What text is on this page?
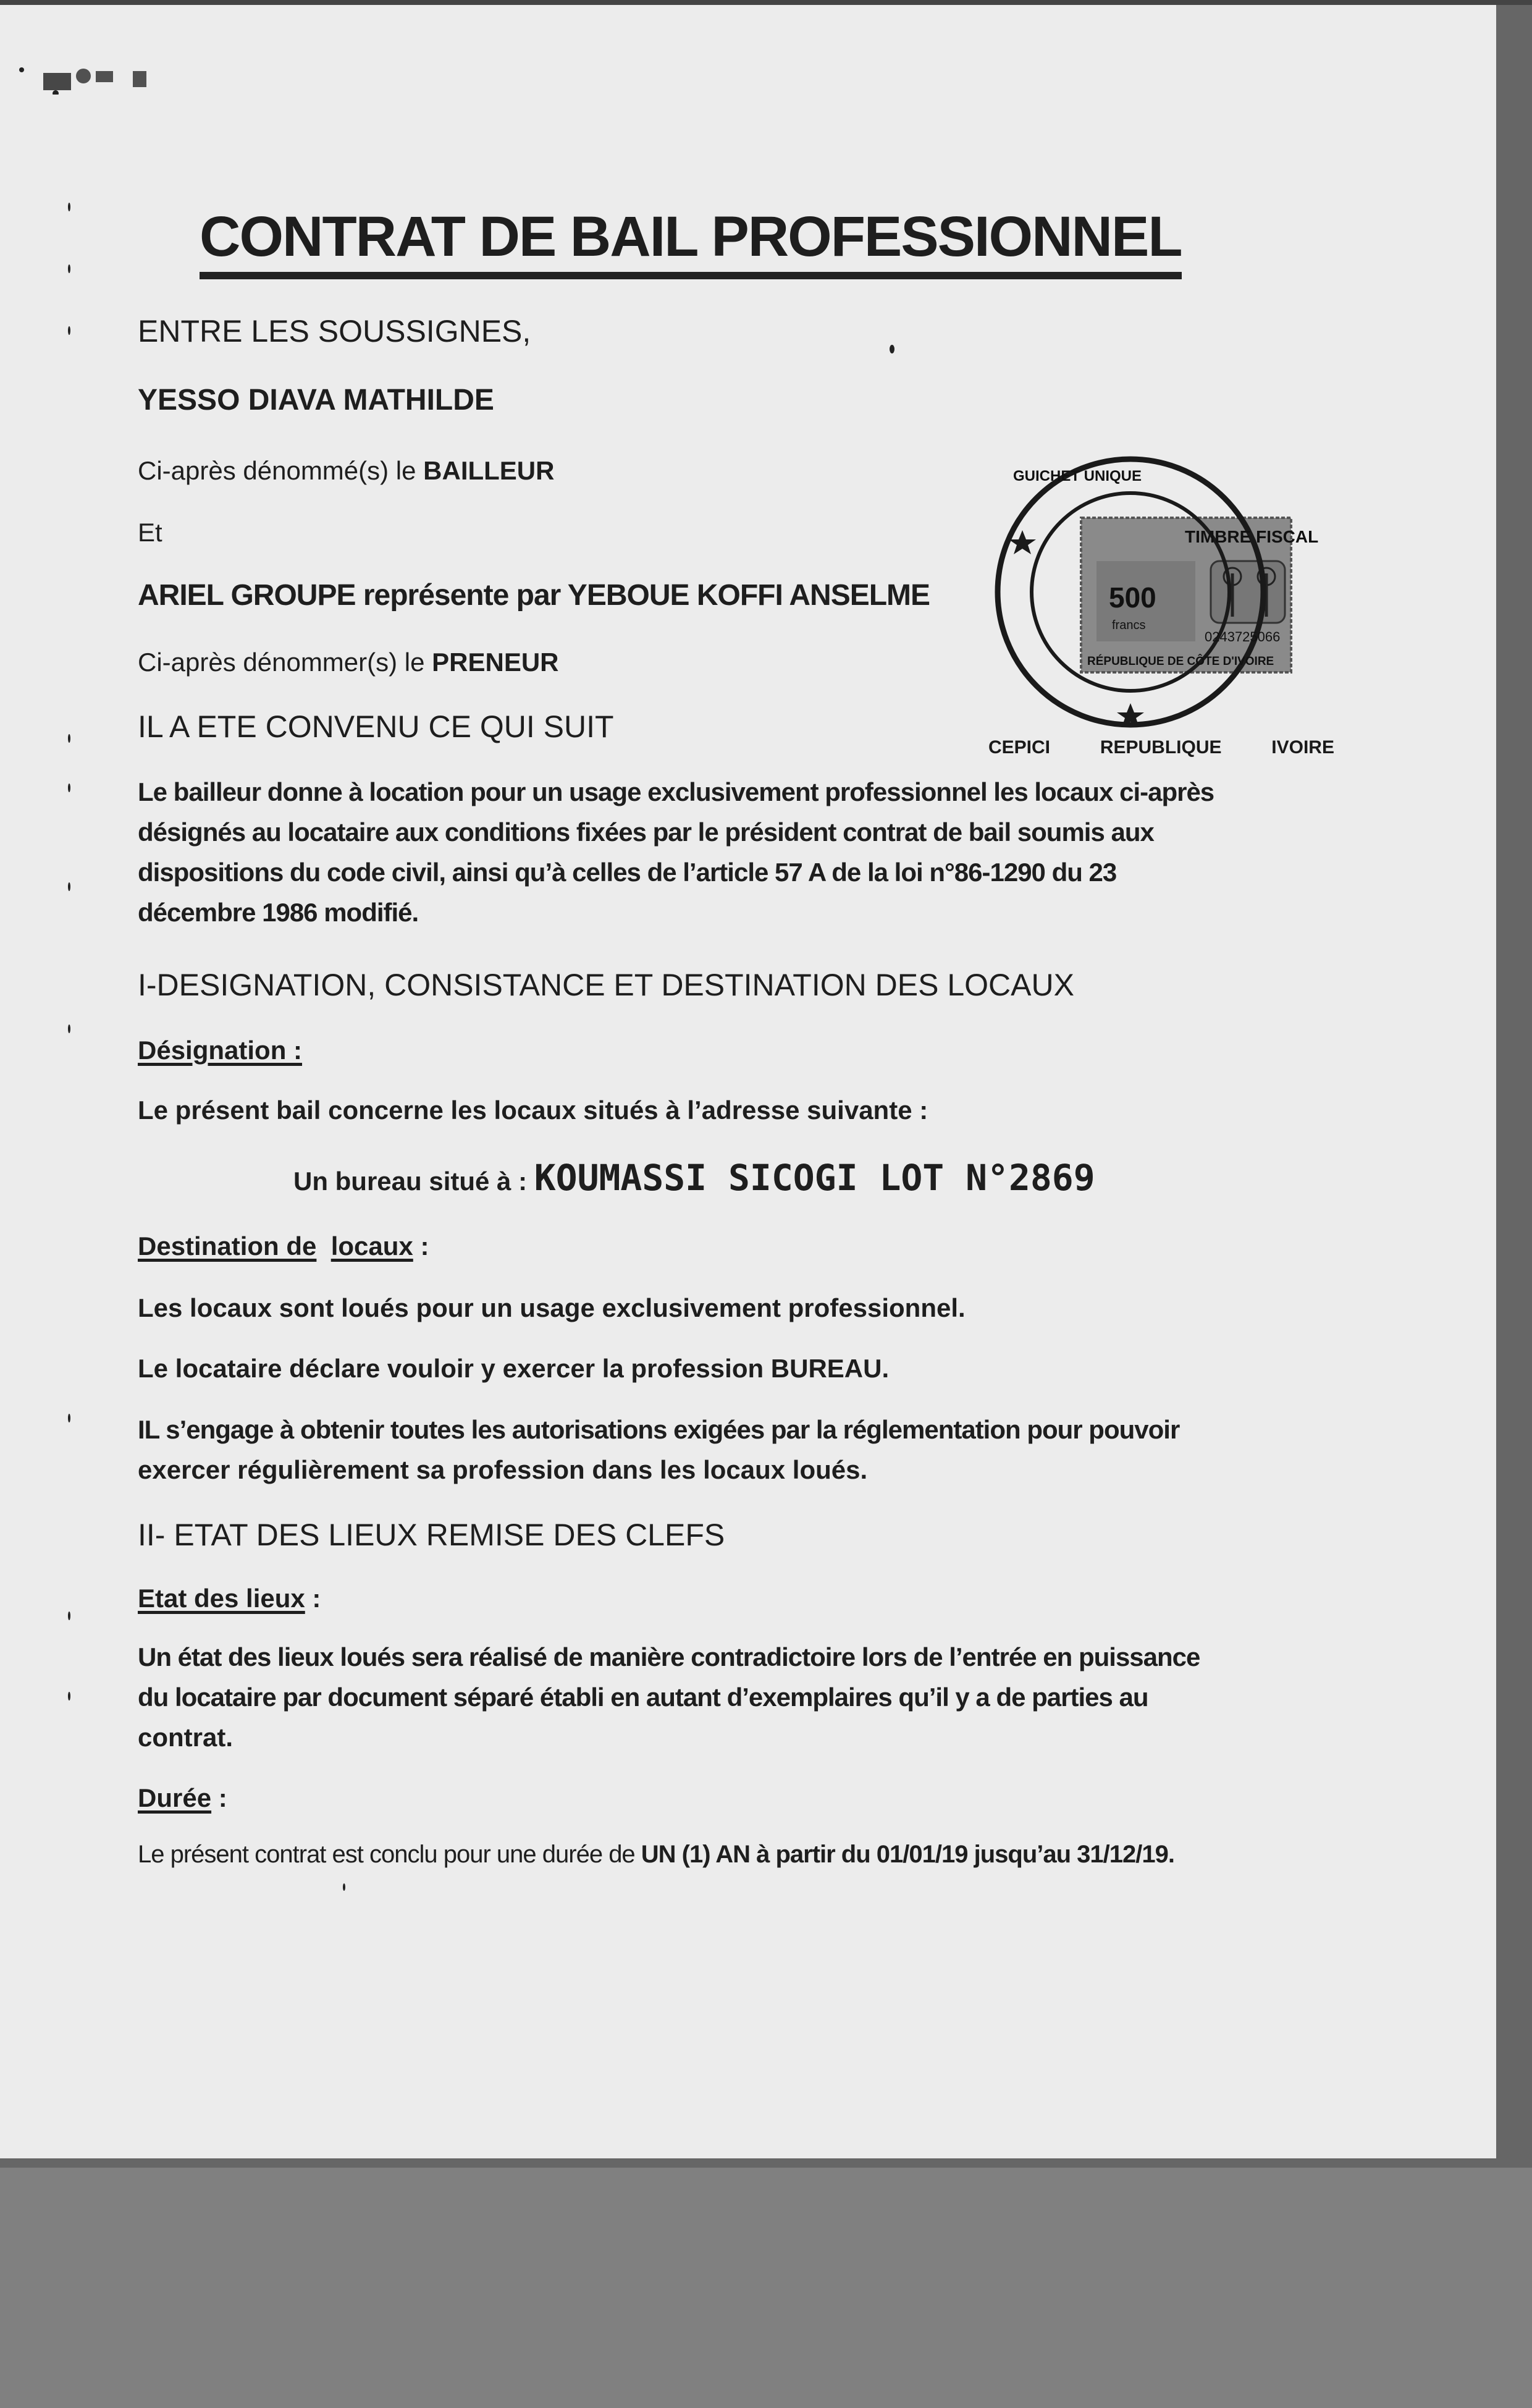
CONTRAT DE BAIL PROFESSIONNEL
ENTRE LES SOUSSIGNES,
YESSO DIAVA MATHILDE
Ci-après dénommé(s) le BAILLEUR
Et
ARIEL GROUPE représente par YEBOUE KOFFI ANSELME
Ci-après dénommer(s) le PRENEUR
IL A ETE CONVENU CE QUI SUIT
Le bailleur donne à location pour un usage exclusivement professionnel les locaux ci-après
désignés au locataire aux conditions fixées par le président contrat de bail soumis aux
dispositions du code civil, ainsi qu’à celles de l’article 57 A de la loi n°86-1290 du 23
décembre 1986 modifié.
I-DESIGNATION, CONSISTANCE ET DESTINATION DES LOCAUX
Désignation :
Le présent bail concerne les locaux situés à l’adresse suivante :
Un bureau situé à : KOUMASSI SICOGI LOT N°2869
Destination de locaux :
Les locaux sont loués pour un usage exclusivement professionnel.
Le locataire déclare vouloir y exercer la profession BUREAU.
IL s’engage à obtenir toutes les autorisations exigées par la réglementation pour pouvoir
exercer régulièrement sa profession dans les locaux loués.
II- ETAT DES LIEUX REMISE DES CLEFS
Etat des lieux :
Un état des lieux loués sera réalisé de manière contradictoire lors de l’entrée en puissance
du locataire par document séparé établi en autant d’exemplaires qu’il y a de parties au
contrat.
Durée :
Le présent contrat est conclu pour une durée de UN (1) AN à partir du 01/01/19 jusqu’au 31/12/19.
TIMBRE FISCAL
500
francs
0243725066
RÉPUBLIQUE DE CÔTE D'IVOIRE
GUICHET UNIQUE
CEPICI	REPUBLIQUE	IVOIRE
